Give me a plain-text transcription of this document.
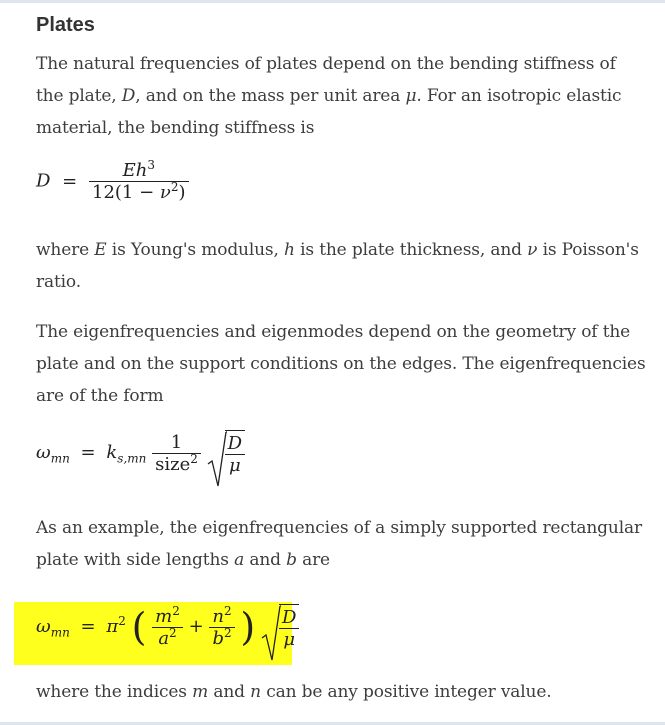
Plates
The natural frequencies of plates depend on the bending stiffness of the plate, D, and on the mass per unit area μ. For an isotropic elastic material, the bending stiffness is
$D = \frac{Eh^3}{12(1 - \nu^2)}$
where E is Young's modulus, h is the plate thickness, and ν is Poisson's ratio.
The eigenfrequencies and eigenmodes depend on the geometry of the plate and on the support conditions on the edges. The eigenfrequencies are of the form
$\omega_{mn} = k_{s,mn} \frac{1}{size^2}$
$\frac{D}{\mu}$
As an example, the eigenfrequencies of a simply supported rectangular plate with side lengths a and b are
$\omega_{mn} = \pi^2$ ( $\frac{m^2}{a^2} + \frac{n^2}{b^2}$ ) $\frac{D}{\mu}$
where the indices m and n can be any positive integer value.
